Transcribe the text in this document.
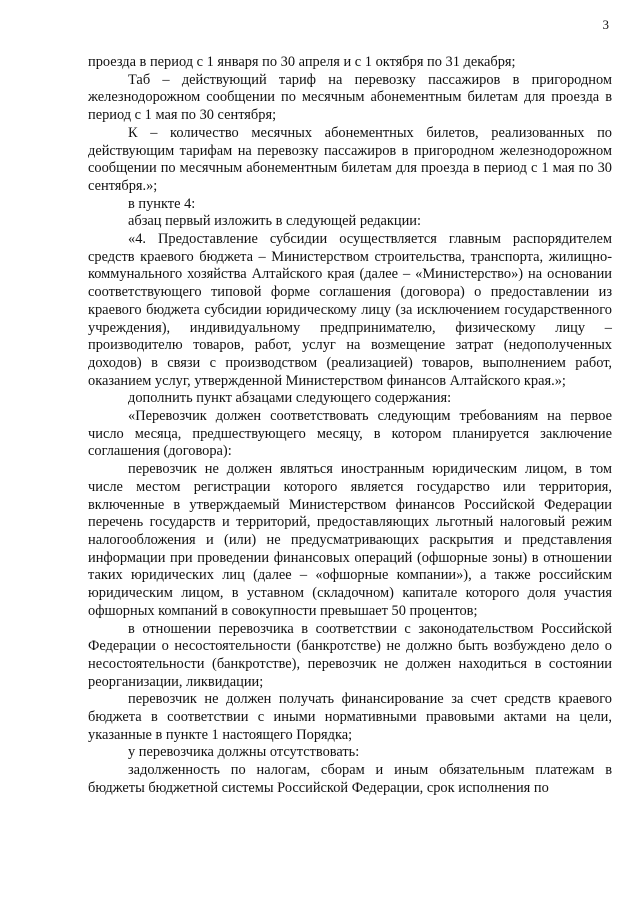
3

проезда в период с 1 января по 30 апреля и с 1 октября по 31 декабря;

Таб – действующий тариф на перевозку пассажиров в пригородном железнодорожном сообщении по месячным абонементным билетам для проезда в период с 1 мая по 30 сентября;

К – количество месячных абонементных билетов, реализованных по действующим тарифам на перевозку пассажиров в пригородном железнодорожном сообщении по месячным абонементным билетам для проезда в период с 1 мая по 30 сентября.»;

в пункте 4:

абзац первый изложить в следующей редакции:

«4. Предоставление субсидии осуществляется главным распорядителем средств краевого бюджета – Министерством строительства, транспорта, жилищно-коммунального хозяйства Алтайского края (далее – «Министерство») на основании соответствующего типовой форме соглашения (договора) о предоставлении из краевого бюджета субсидии юридическому лицу (за исключением государственного учреждения), индивидуальному предпринимателю, физическому лицу – производителю товаров, работ, услуг на возмещение затрат (недополученных доходов) в связи с производством (реализацией) товаров, выполнением работ, оказанием услуг, утвержденной Министерством финансов Алтайского края.»;

дополнить пункт абзацами следующего содержания:

«Перевозчик должен соответствовать следующим требованиям на первое число месяца, предшествующего месяцу, в котором планируется заключение соглашения (договора):

перевозчик не должен являться иностранным юридическим лицом, в том числе местом регистрации которого является государство или территория, включенные в утверждаемый Министерством финансов Российской Федерации перечень государств и территорий, предоставляющих льготный налоговый режим налогообложения и (или) не предусматривающих раскрытия и представления информации при проведении финансовых операций (офшорные зоны) в отношении таких юридических лиц (далее – «офшорные компании»), а также российским юридическим лицом, в уставном (складочном) капитале которого доля участия офшорных компаний в совокупности превышает 50 процентов;

в отношении перевозчика в соответствии с законодательством Российской Федерации о несостоятельности (банкротстве) не должно быть возбуждено дело о несостоятельности (банкротстве), перевозчик не должен находиться в состоянии реорганизации, ликвидации;

перевозчик не должен получать финансирование за счет средств краевого бюджета в соответствии с иными нормативными правовыми актами на цели, указанные в пункте 1 настоящего Порядка;

у перевозчика должны отсутствовать:

задолженность по налогам, сборам и иным обязательным платежам в бюджеты бюджетной системы Российской Федерации, срок исполнения по
